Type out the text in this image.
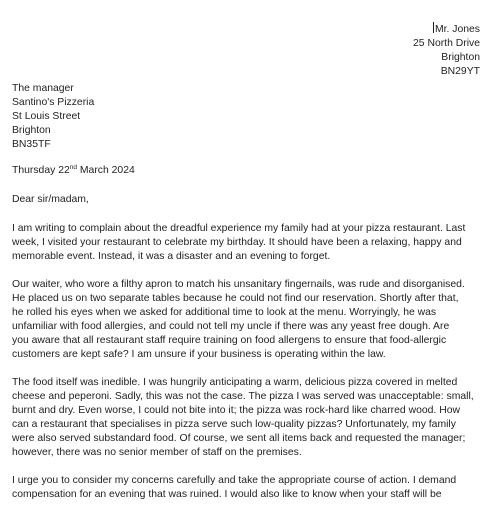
Mr. Jones
25 North Drive
Brighton
BN29YT
The manager
Santino's Pizzeria
St Louis Street
Brighton
BN35TF
Thursday 22nd March 2024
Dear sir/madam,
I am writing to complain about the dreadful experience my family had at your pizza restaurant. Last
week, I visited your restaurant to celebrate my birthday. It should have been a relaxing, happy and
memorable event. Instead, it was a disaster and an evening to forget.
Our waiter, who wore a filthy apron to match his unsanitary fingernails, was rude and disorganised.
He placed us on two separate tables because he could not find our reservation. Shortly after that,
he rolled his eyes when we asked for additional time to look at the menu. Worryingly, he was
unfamiliar with food allergies, and could not tell my uncle if there was any yeast free dough. Are
you aware that all restaurant staff require training on food allergens to ensure that food-allergic
customers are kept safe? I am unsure if your business is operating within the law.
The food itself was inedible. I was hungrily anticipating a warm, delicious pizza covered in melted
cheese and peperoni. Sadly, this was not the case. The pizza I was served was unacceptable: small,
burnt and dry. Even worse, I could not bite into it; the pizza was rock-hard like charred wood. How
can a restaurant that specialises in pizza serve such low-quality pizzas? Unfortunately, my family
were also served substandard food. Of course, we sent all items back and requested the manager;
however, there was no senior member of staff on the premises.
I urge you to consider my concerns carefully and take the appropriate course of action. I demand
compensation for an evening that was ruined. I would also like to know when your staff will be
